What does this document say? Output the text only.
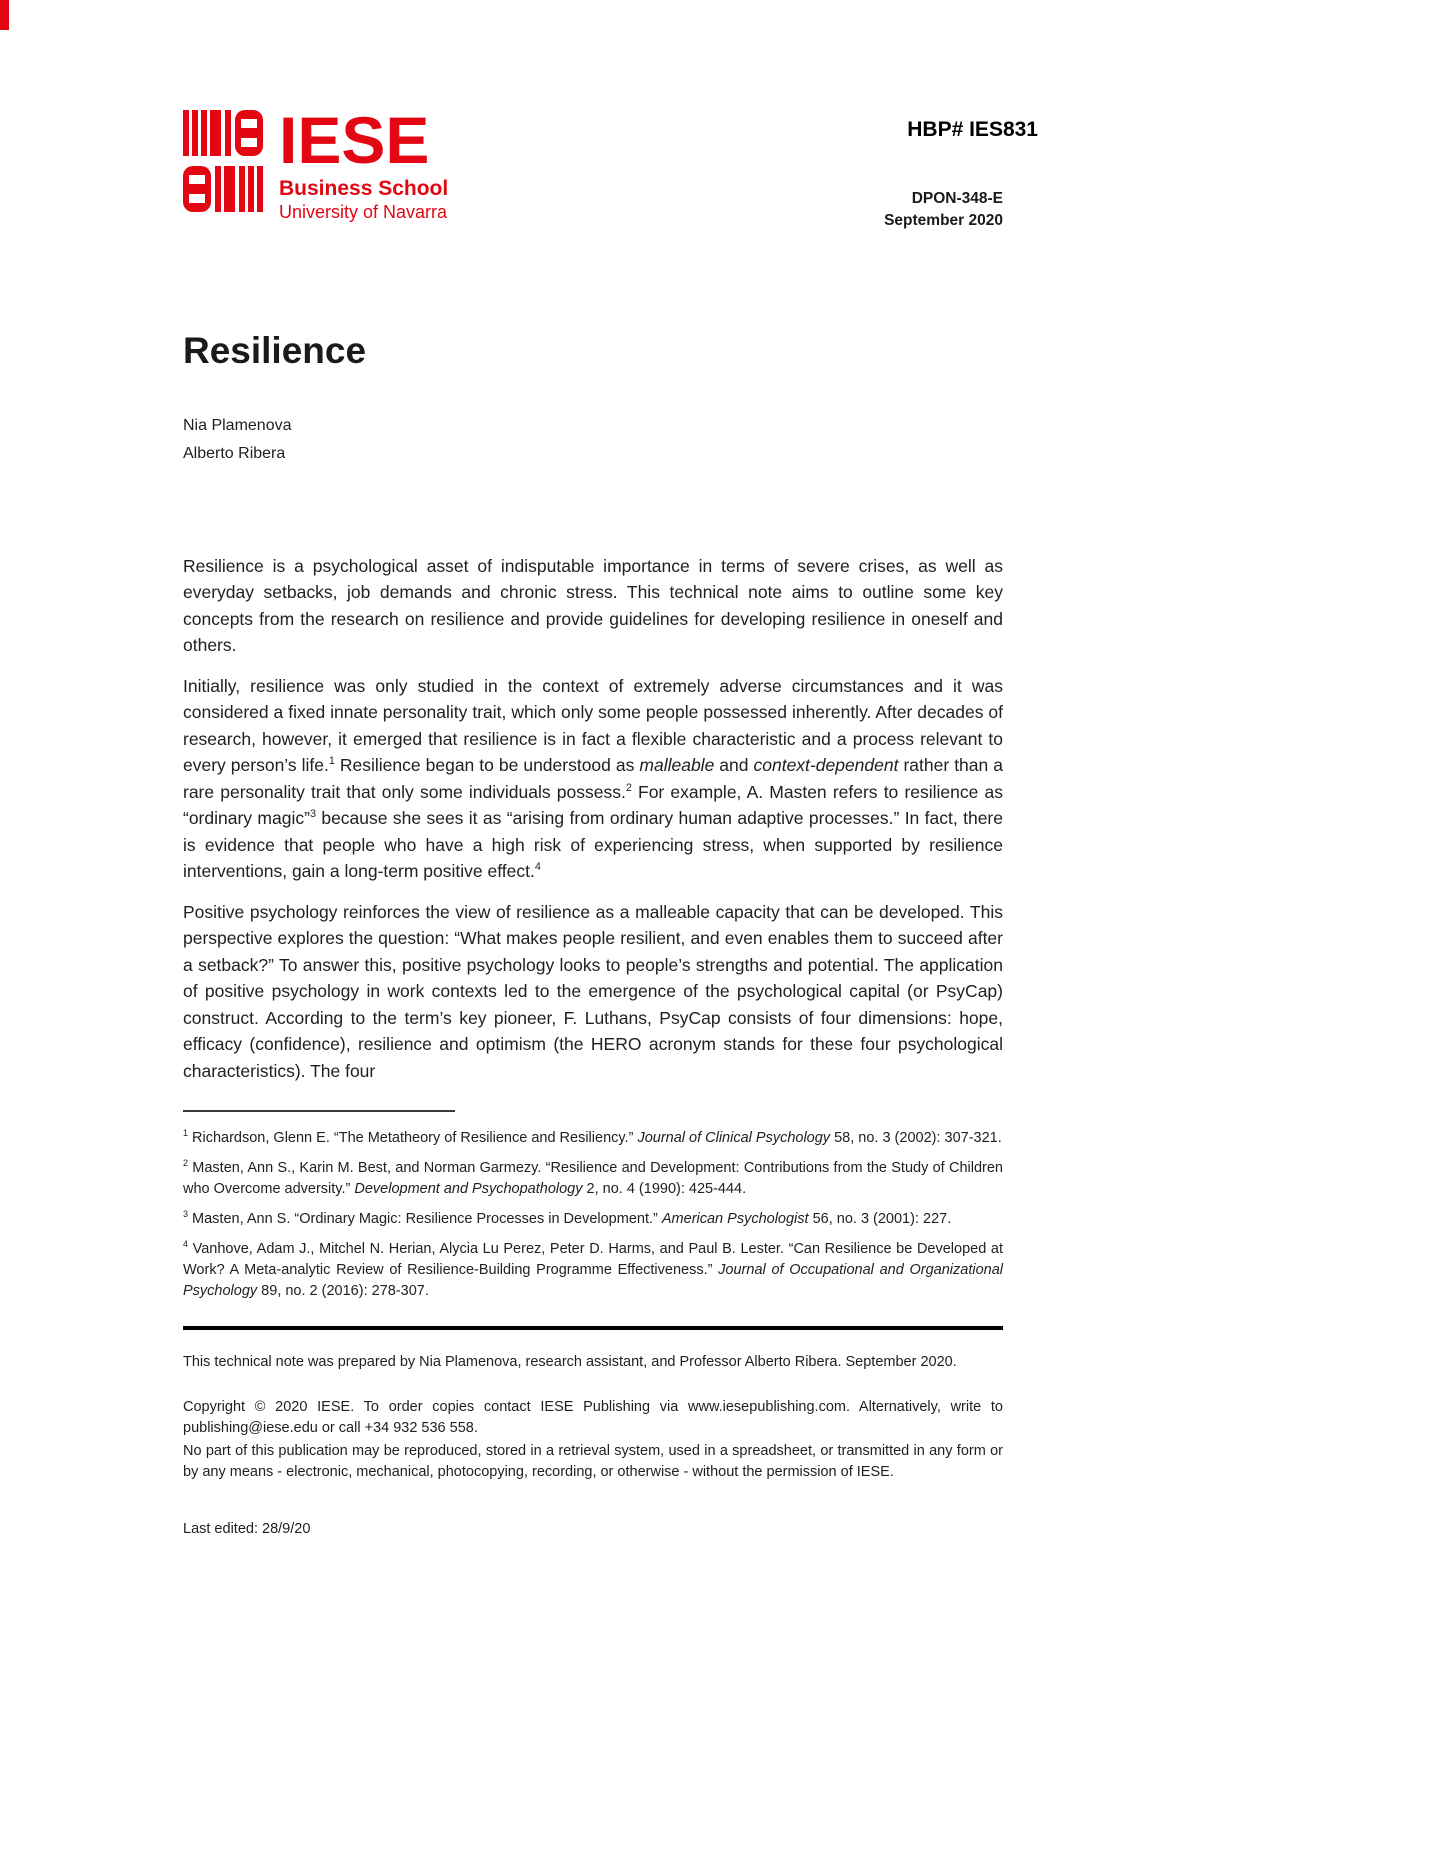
IESE
Business School
University of Navarra
HBP# IES831
DPON-348-E
September 2020
Resilience

Nia Plamenova

Alberto Ribera

Resilience is a psychological asset of indisputable importance in terms of severe crises, as well as everyday setbacks, job demands and chronic stress. This technical note aims to outline some key concepts from the research on resilience and provide guidelines for developing resilience in oneself and others.

Initially, resilience was only studied in the context of extremely adverse circumstances and it was considered a fixed innate personality trait, which only some people possessed inherently. After decades of research, however, it emerged that resilience is in fact a flexible characteristic and a process relevant to every person’s life.$^1$ Resilience began to be understood as malleable and context-dependent rather than a rare personality trait that only some individuals possess.$^2$ For example, A. Masten refers to resilience as “ordinary magic”$^3$ because she sees it as “arising from ordinary human adaptive processes.” In fact, there is evidence that people who have a high risk of experiencing stress, when supported by resilience interventions, gain a long-term positive effect.$^4$

Positive psychology reinforces the view of resilience as a malleable capacity that can be developed. This perspective explores the question: “What makes people resilient, and even enables them to succeed after a setback?” To answer this, positive psychology looks to people’s strengths and potential. The application of positive psychology in work contexts led to the emergence of the psychological capital (or PsyCap) construct. According to the term’s key pioneer, F. Luthans, PsyCap consists of four dimensions: hope, efficacy (confidence), resilience and optimism (the HERO acronym stands for these four psychological characteristics). The four

$^1$ Richardson, Glenn E. “The Metatheory of Resilience and Resiliency.” Journal of Clinical Psychology 58, no. 3 (2002): 307-321.

$^2$ Masten, Ann S., Karin M. Best, and Norman Garmezy. “Resilience and Development: Contributions from the Study of Children who Overcome adversity.” Development and Psychopathology 2, no. 4 (1990): 425-444.

$^3$ Masten, Ann S. “Ordinary Magic: Resilience Processes in Development.” American Psychologist 56, no. 3 (2001): 227.

$^4$ Vanhove, Adam J., Mitchel N. Herian, Alycia Lu Perez, Peter D. Harms, and Paul B. Lester. “Can Resilience be Developed at Work? A Meta-analytic Review of Resilience-Building Programme Effectiveness.” Journal of Occupational and Organizational Psychology 89, no. 2 (2016): 278-307.

This technical note was prepared by Nia Plamenova, research assistant, and Professor Alberto Ribera. September 2020.

Copyright © 2020 IESE. To order copies contact IESE Publishing via www.iesepublishing.com. Alternatively, write to publishing@iese.edu or call +34 932 536 558.

No part of this publication may be reproduced, stored in a retrieval system, used in a spreadsheet, or transmitted in any form or by any means - electronic, mechanical, photocopying, recording, or otherwise - without the permission of IESE.

Last edited: 28/9/20
